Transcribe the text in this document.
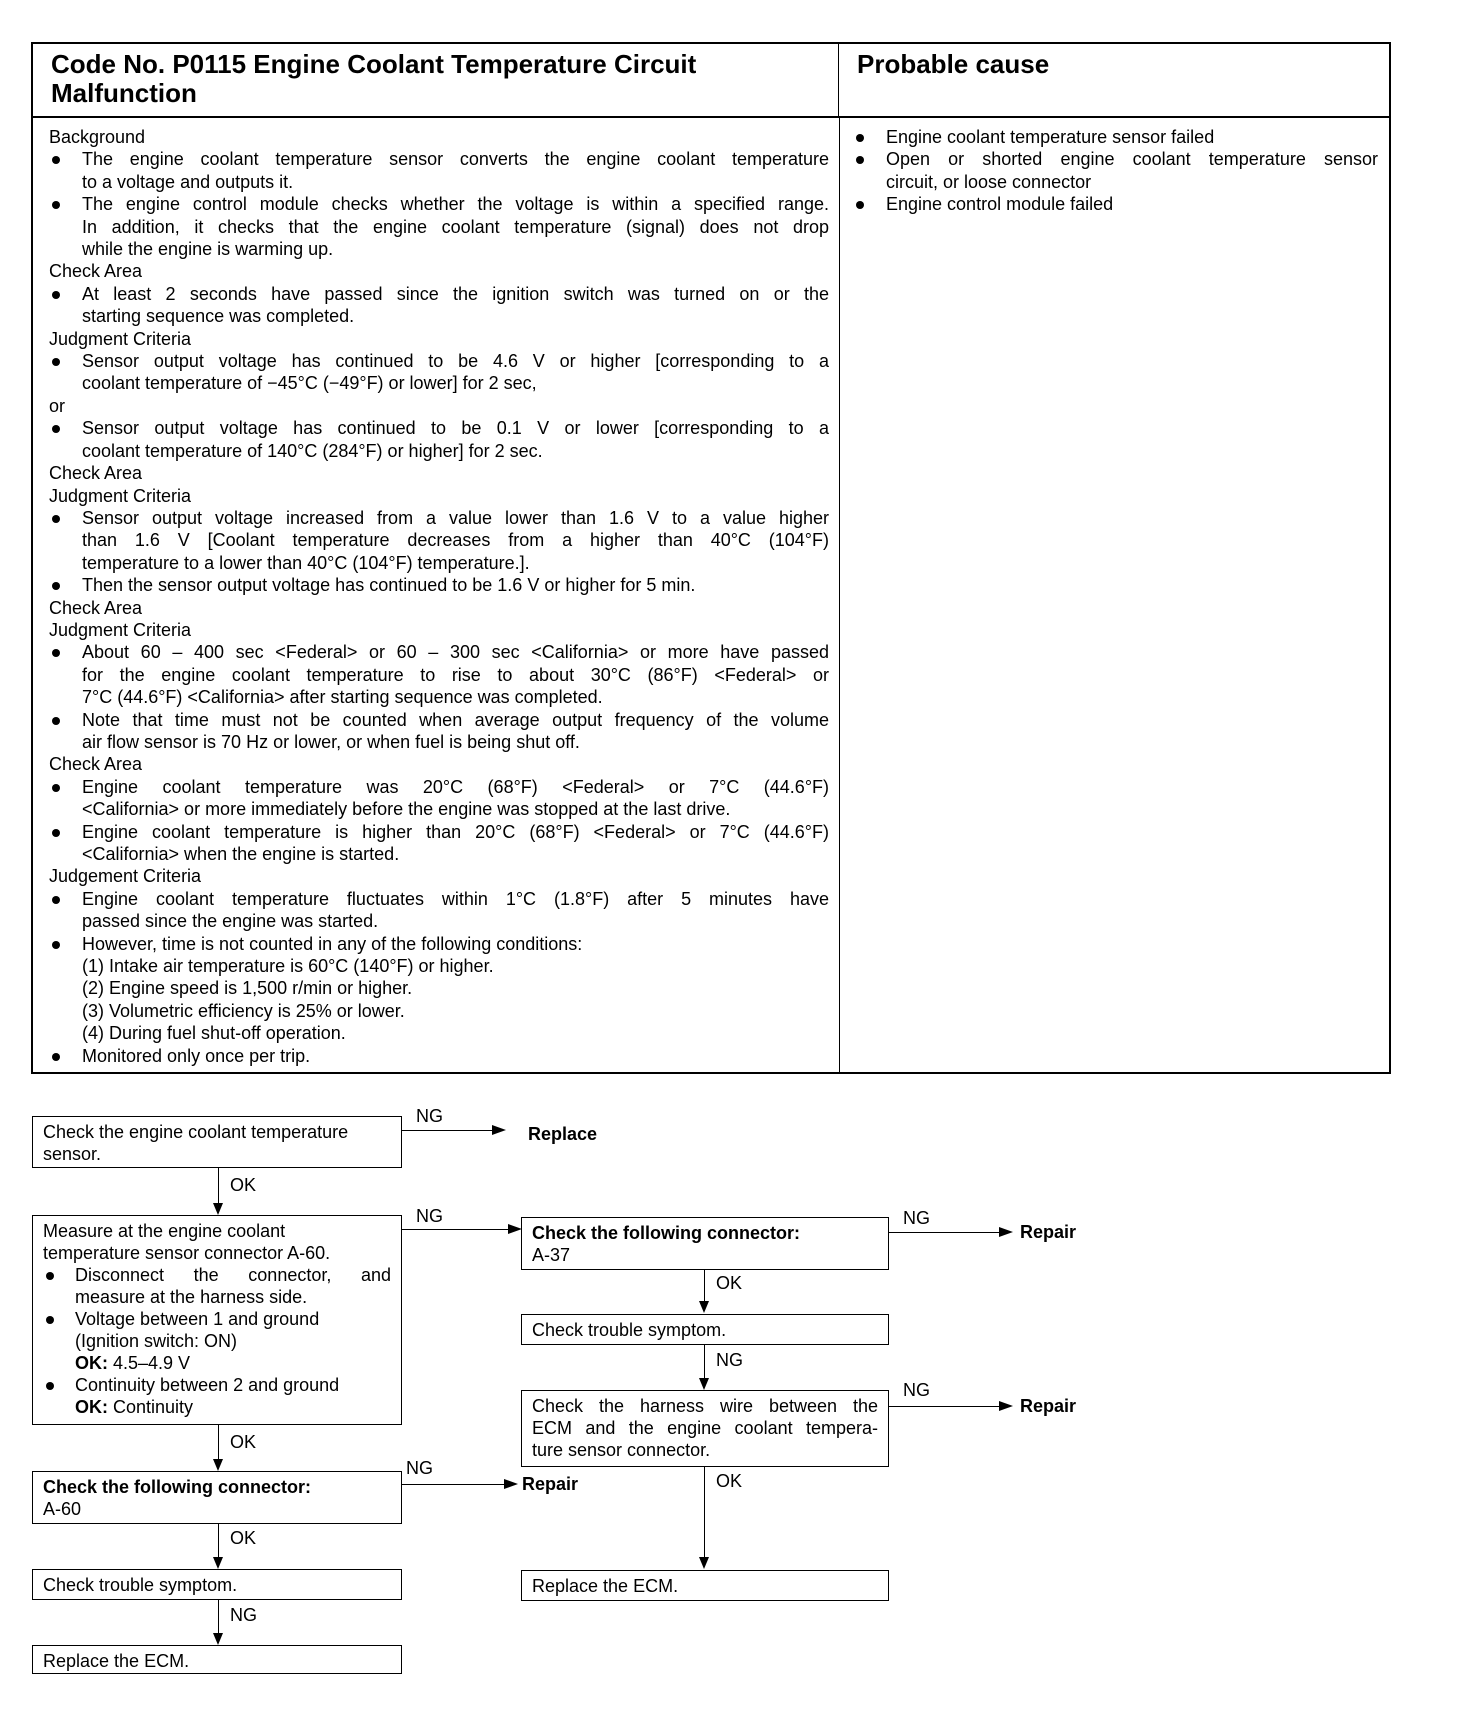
Code No. P0115 Engine Coolant Temperature Circuit
Malfunction
Probable cause
Background
The engine coolant temperature sensor converts the engine coolant temperature
to a voltage and outputs it.
The engine control module checks whether the voltage is within a specified range.
In addition, it checks that the engine coolant temperature (signal) does not drop
while the engine is warming up.
Check Area
At least 2 seconds have passed since the ignition switch was turned on or the
starting sequence was completed.
Judgment Criteria
Sensor output voltage has continued to be 4.6 V or higher [corresponding to a
coolant temperature of −45°C (−49°F) or lower] for 2 sec,
or
Sensor output voltage has continued to be 0.1 V or lower [corresponding to a
coolant temperature of 140°C (284°F) or higher] for 2 sec.
Check Area
Judgment Criteria
Sensor output voltage increased from a value lower than 1.6 V to a value higher
than 1.6 V [Coolant temperature decreases from a higher than 40°C (104°F)
temperature to a lower than 40°C (104°F) temperature.].
Then the sensor output voltage has continued to be 1.6 V or higher for 5 min.
Check Area
Judgment Criteria
About 60 – 400 sec <Federal> or 60 – 300 sec <California> or more have passed
for the engine coolant temperature to rise to about 30°C (86°F) <Federal> or
7°C (44.6°F) <California> after starting sequence was completed.
Note that time must not be counted when average output frequency of the volume
air flow sensor is 70 Hz or lower, or when fuel is being shut off.
Check Area
Engine coolant temperature was 20°C (68°F) <Federal> or 7°C (44.6°F)
<California> or more immediately before the engine was stopped at the last drive.
Engine coolant temperature is higher than 20°C (68°F) <Federal> or 7°C (44.6°F)
<California> when the engine is started.
Judgement Criteria
Engine coolant temperature fluctuates within 1°C (1.8°F) after 5 minutes have
passed since the engine was started.
However, time is not counted in any of the following conditions:
(1) Intake air temperature is 60°C (140°F) or higher.
(2) Engine speed is 1,500 r/min or higher.
(3) Volumetric efficiency is 25% or lower.
(4) During fuel shut-off operation.
Monitored only once per trip.
Engine coolant temperature sensor failed
Open or shorted engine coolant temperature sensor
circuit, or loose connector
Engine control module failed
Check the engine coolant temperature
sensor.
NG
Replace
OK
Measure at the engine coolant
temperature sensor connector A-60.
Disconnect the connector, and
measure at the harness side.
Voltage between 1 and ground
(Ignition switch: ON)
OK: 4.5–4.9 V
Continuity between 2 and ground
OK: Continuity
NG
OK
Check the following connector:
A-60
NG
Repair
OK
Check trouble symptom.
NG
Replace the ECM.
Check the following connector:
A-37
NG
Repair
OK
Check trouble symptom.
NG
Check the harness wire between the
ECM and the engine coolant tempera-
ture sensor connector.
NG
Repair
OK
Replace the ECM.
